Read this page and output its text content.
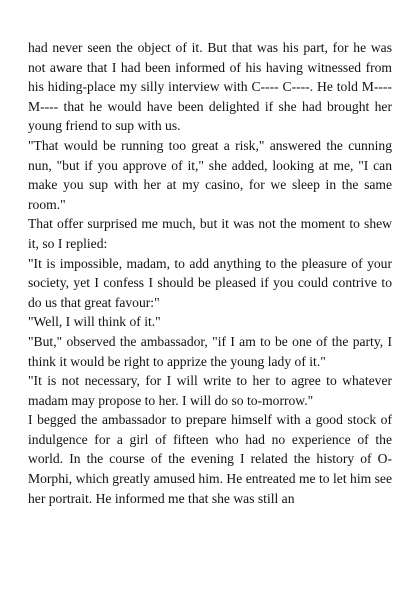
had never seen the object of it. But that was his part, for he was not aware that I had been informed of his having witnessed from his hiding-place my silly interview with C---- C----. He told M---- M---- that he would have been delighted if she had brought her young friend to sup with us.

"That would be running too great a risk," answered the cunning nun, "but if you approve of it," she added, looking at me, "I can make you sup with her at my casino, for we sleep in the same room."

That offer surprised me much, but it was not the moment to shew it, so I replied:

"It is impossible, madam, to add anything to the pleasure of your society, yet I confess I should be pleased if you could contrive to do us that great favour:"

"Well, I will think of it."

"But," observed the ambassador, "if I am to be one of the party, I think it would be right to apprize the young lady of it."

"It is not necessary, for I will write to her to agree to whatever madam may propose to her. I will do so to-morrow."

I begged the ambassador to prepare himself with a good stock of indulgence for a girl of fifteen who had no experience of the world. In the course of the evening I related the history of O-Morphi, which greatly amused him. He entreated me to let him see her portrait. He informed me that she was still an
